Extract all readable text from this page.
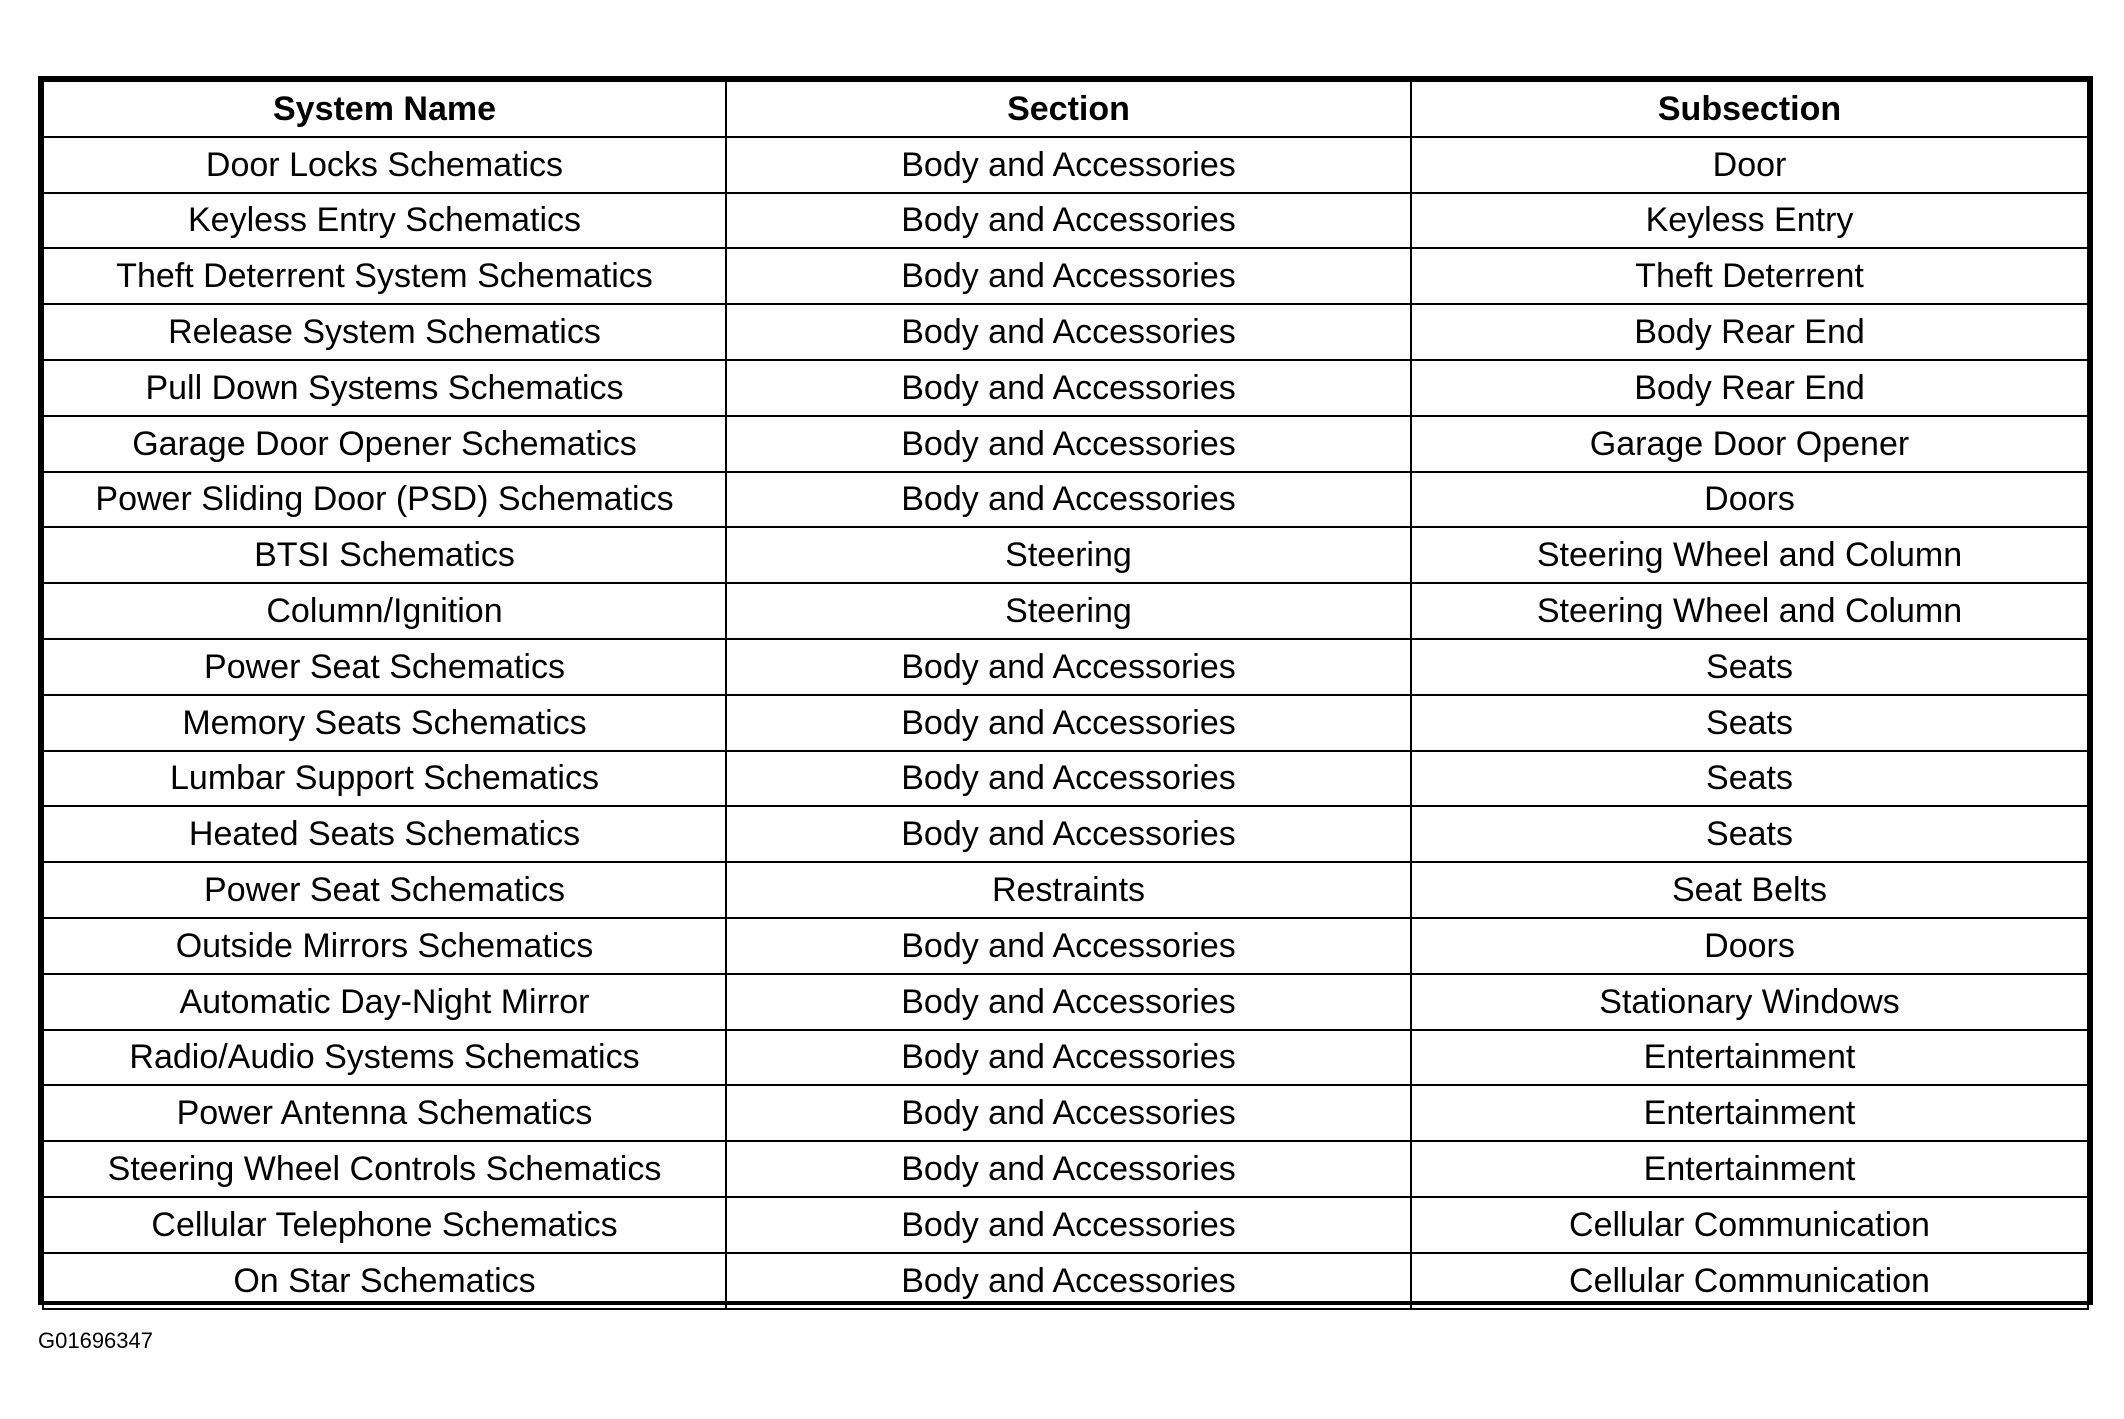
System Name	Section	Subsection
Door Locks Schematics	Body and Accessories	Door
Keyless Entry Schematics	Body and Accessories	Keyless Entry
Theft Deterrent System Schematics	Body and Accessories	Theft Deterrent
Release System Schematics	Body and Accessories	Body Rear End
Pull Down Systems Schematics	Body and Accessories	Body Rear End
Garage Door Opener Schematics	Body and Accessories	Garage Door Opener
Power Sliding Door (PSD) Schematics	Body and Accessories	Doors
BTSI Schematics	Steering	Steering Wheel and Column
Column/Ignition	Steering	Steering Wheel and Column
Power Seat Schematics	Body and Accessories	Seats
Memory Seats Schematics	Body and Accessories	Seats
Lumbar Support Schematics	Body and Accessories	Seats
Heated Seats Schematics	Body and Accessories	Seats
Power Seat Schematics	Restraints	Seat Belts
Outside Mirrors Schematics	Body and Accessories	Doors
Automatic Day-Night Mirror	Body and Accessories	Stationary Windows
Radio/Audio Systems Schematics	Body and Accessories	Entertainment
Power Antenna Schematics	Body and Accessories	Entertainment
Steering Wheel Controls Schematics	Body and Accessories	Entertainment
Cellular Telephone Schematics	Body and Accessories	Cellular Communication
On Star Schematics	Body and Accessories	Cellular Communication
G01696347
